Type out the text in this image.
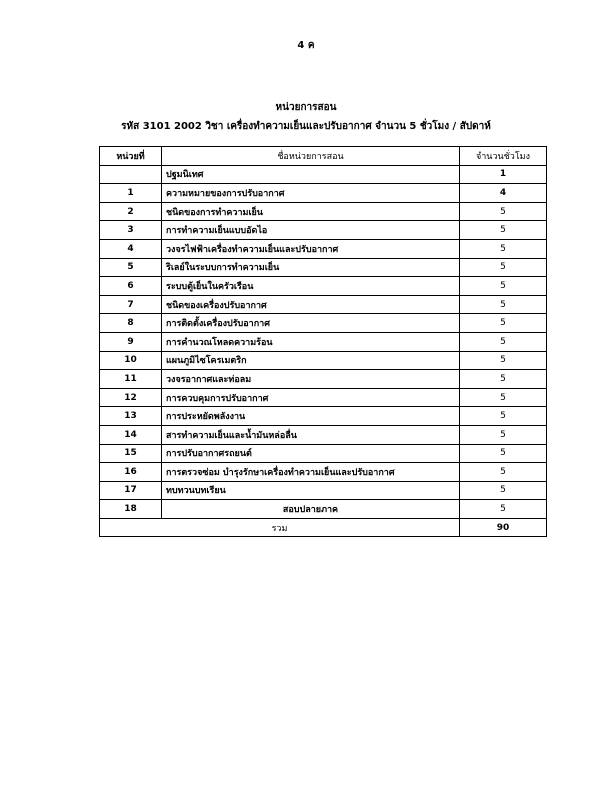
4 ค
หน่วยการสอน
รหัส 3101 2002 วิชา เครื่องทำความเย็นและปรับอากาศ จำนวน 5 ชั่วโมง / สัปดาห์
หน่วยที่	ชื่อหน่วยการสอน	จำนวนชั่วโมง
	ปฐมนิเทศ	1
1	ความหมายของการปรับอากาศ	4
2	ชนิดของการทำความเย็น	5
3	การทำความเย็นแบบอัดไอ	5
4	วงจรไฟฟ้าเครื่องทำความเย็นและปรับอากาศ	5
5	ริเลย์ในระบบการทำความเย็น	5
6	ระบบตู้เย็นในครัวเรือน	5
7	ชนิดของเครื่องปรับอากาศ	5
8	การติดตั้งเครื่องปรับอากาศ	5
9	การคำนวณโหลดความร้อน	5
10	แผนภูมิไซโครเมตริก	5
11	วงจรอากาศและท่อลม	5
12	การควบคุมการปรับอากาศ	5
13	การประหยัดพลังงาน	5
14	สารทำความเย็นและน้ำมันหล่อลื่น	5
15	การปรับอากาศรถยนต์	5
16	การตรวจซ่อม บำรุงรักษาเครื่องทำความเย็นและปรับอากาศ	5
17	ทบทวนบทเรียน	5
18	สอบปลายภาค	5
รวม		90
